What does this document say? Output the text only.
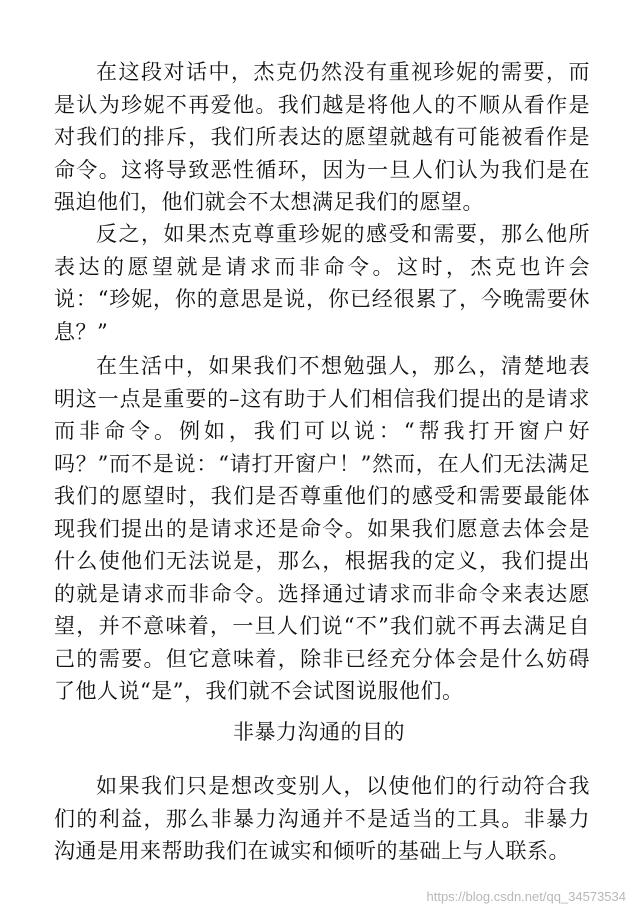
在这段对话中，杰克仍然没有重视珍妮的需要，而是认为珍妮不再爱他。我们越是将他人的不顺从看作是对我们的排斥，我们所表达的愿望就越有可能被看作是命令。这将导致恶性循环，因为一旦人们认为我们是在强迫他们，他们就会不太想满足我们的愿望。

反之，如果杰克尊重珍妮的感受和需要，那么他所表达的愿望就是请求而非命令。这时，杰克也许会说：“珍妮，你的意思是说，你已经很累了，今晚需要休息？”

在生活中，如果我们不想勉强人，那么，清楚地表明这一点是重要的–这有助于人们相信我们提出的是请求而非命令。例如，我们可以说：“帮我打开窗户好吗？”而不是说：“请打开窗户！”然而，在人们无法满足我们的愿望时，我们是否尊重他们的感受和需要最能体现我们提出的是请求还是命令。如果我们愿意去体会是什么使他们无法说是，那么，根据我的定义，我们提出的就是请求而非命令。选择通过请求而非命令来表达愿望，并不意味着，一旦人们说“不”我们就不再去满足自己的需要。但它意味着，除非已经充分体会是什么妨碍了他人说“是”，我们就不会试图说服他们。

非暴力沟通的目的

如果我们只是想改变别人，以使他们的行动符合我们的利益，那么非暴力沟通并不是适当的工具。非暴力沟通是用来帮助我们在诚实和倾听的基础上与人联系。

https://blog.csdn.net/qq_34573534
